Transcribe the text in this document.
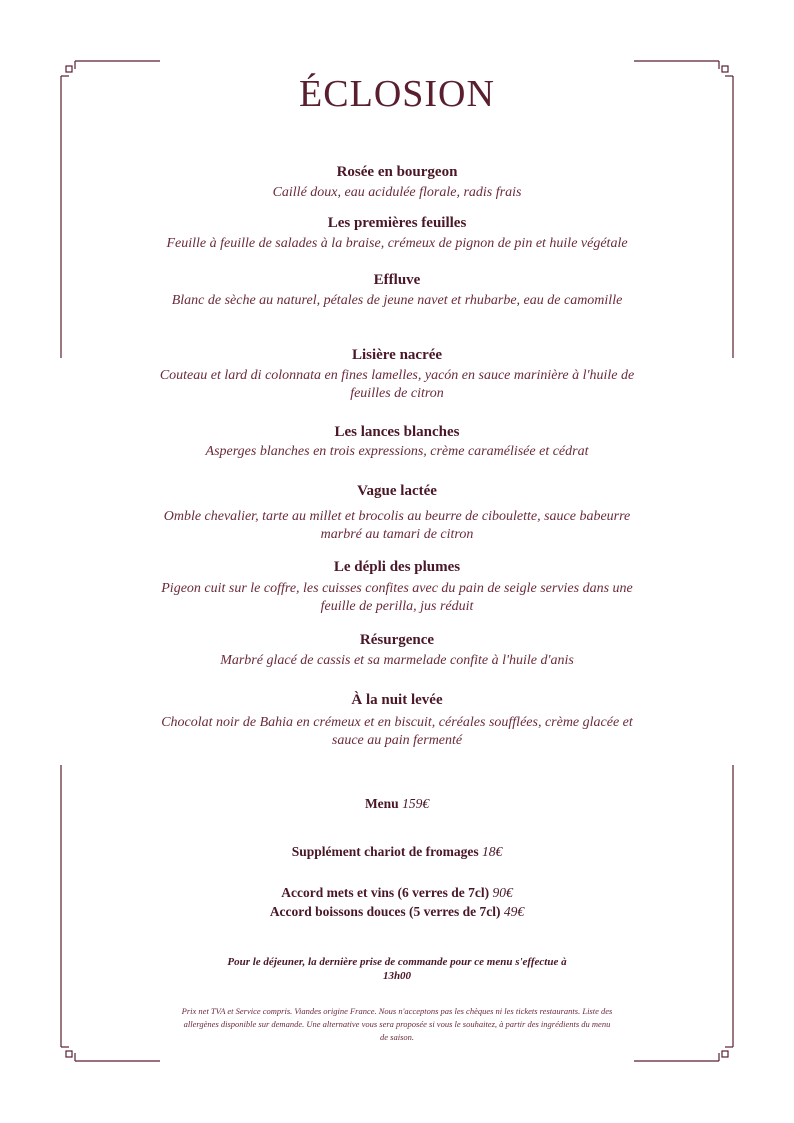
ÉCLOSION

Rosée en bourgeon

Caillé doux, eau acidulée florale, radis frais

Les premières feuilles

Feuille à feuille de salades à la braise, crémeux de pignon de pin et huile végétale

Effluve

Blanc de sèche au naturel, pétales de jeune navet et rhubarbe, eau de camomille

Lisière nacrée

Couteau et lard di colonnata en fines lamelles, yacón en sauce marinière à l'huile de feuilles de citron

Les lances blanches

Asperges blanches en trois expressions, crème caramélisée et cédrat

Vague lactée

Omble chevalier, tarte au millet et brocolis au beurre de ciboulette, sauce babeurre marbré au tamari de citron

Le dépli des plumes

Pigeon cuit sur le coffre, les cuisses confites avec du pain de seigle servies dans une feuille de perilla, jus réduit

Résurgence

Marbré glacé de cassis et sa marmelade confite à l'huile d'anis

À la nuit levée

Chocolat noir de Bahia en crémeux et en biscuit, céréales soufflées, crème glacée et sauce au pain fermenté

Menu 159€

Supplément chariot de fromages 18€

Accord mets et vins (6 verres de 7cl) 90€

Accord boissons douces (5 verres de 7cl) 49€

Pour le déjeuner, la dernière prise de commande pour ce menu s'effectue à 13h00

Prix net TVA et Service compris. Viandes origine France. Nous n'acceptons pas les chèques ni les tickets restaurants. Liste des allergènes disponible sur demande. Une alternative vous sera proposée si vous le souhaitez, à partir des ingrédients du menu de saison.
